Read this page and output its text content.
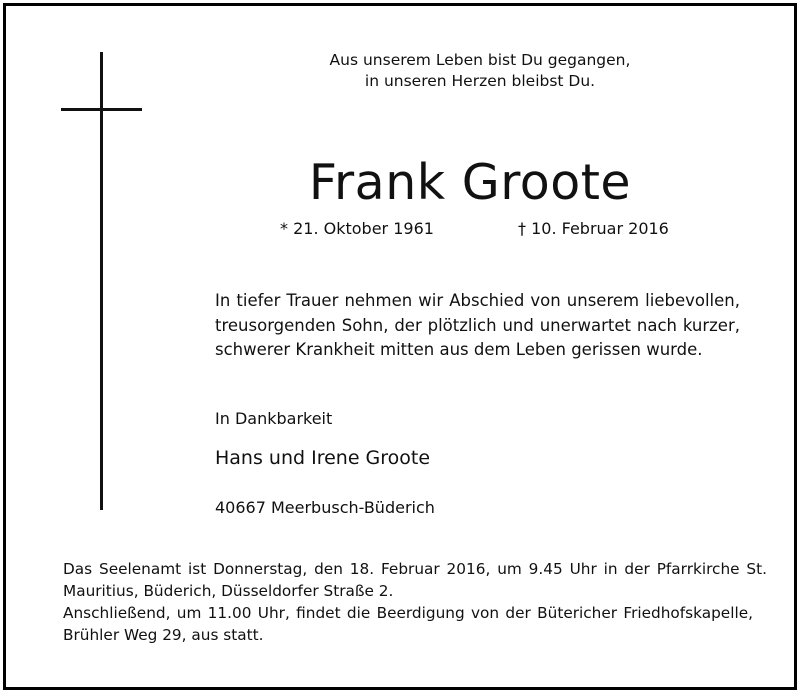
Aus unserem Leben bist Du gegangen,
in unseren Herzen bleibst Du.
Frank Groote
* 21. Oktober 1961	† 10. Februar 2016
In tiefer Trauer nehmen wir Abschied von unserem liebevollen, treusorgenden Sohn, der plötzlich und unerwartet nach kurzer, schwerer Krankheit mitten aus dem Leben gerissen wurde.
In Dankbarkeit
Hans und Irene Groote
40667 Meerbusch-Büderich
Das Seelenamt ist Donnerstag, den 18. Februar 2016, um 9.45 Uhr in der Pfarrkirche St. Mauritius, Büderich, Düsseldorfer Straße 2.
Anschließend, um 11.00 Uhr, findet die Beerdigung von der Bütericher Friedhofskapelle, Brühler Weg 29, aus statt.
